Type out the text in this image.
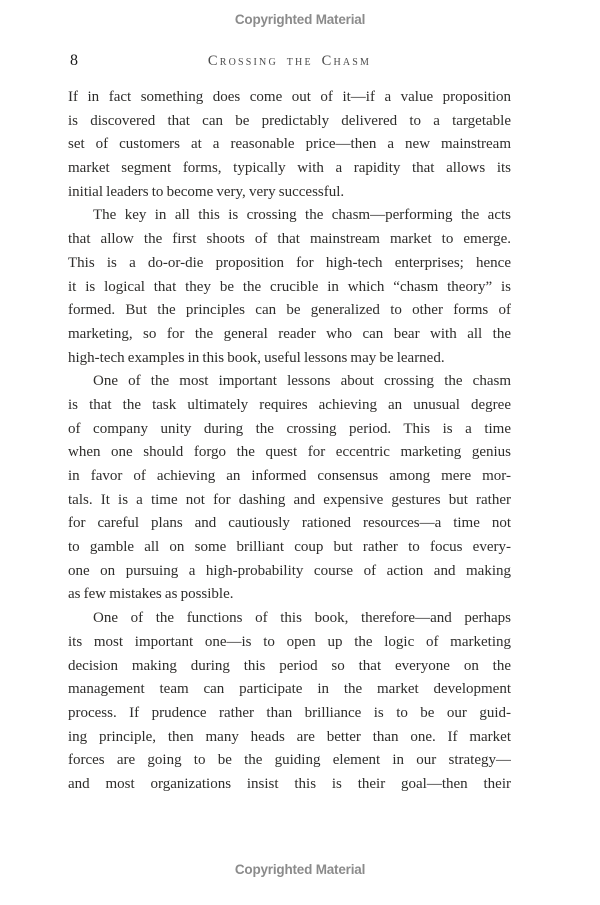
Copyrighted Material
8	Crossing the Chasm
If in fact something does come out of it—if a value proposition
is discovered that can be predictably delivered to a targetable
set of customers at a reasonable price—then a new mainstream
market segment forms, typically with a rapidity that allows its
initial leaders to become very, very successful.
The key in all this is crossing the chasm—performing the acts
that allow the first shoots of that mainstream market to emerge.
This is a do-or-die proposition for high-tech enterprises; hence
it is logical that they be the crucible in which “chasm theory” is
formed. But the principles can be generalized to other forms of
marketing, so for the general reader who can bear with all the
high-tech examples in this book, useful lessons may be learned.
One of the most important lessons about crossing the chasm
is that the task ultimately requires achieving an unusual degree
of company unity during the crossing period. This is a time
when one should forgo the quest for eccentric marketing genius
in favor of achieving an informed consensus among mere mor-
tals. It is a time not for dashing and expensive gestures but rather
for careful plans and cautiously rationed resources—a time not
to gamble all on some brilliant coup but rather to focus every-
one on pursuing a high-probability course of action and making
as few mistakes as possible.
One of the functions of this book, therefore—and perhaps
its most important one—is to open up the logic of marketing
decision making during this period so that everyone on the
management team can participate in the market development
process. If prudence rather than brilliance is to be our guid-
ing principle, then many heads are better than one. If market
forces are going to be the guiding element in our strategy—
and most organizations insist this is their goal—then their
Copyrighted Material
